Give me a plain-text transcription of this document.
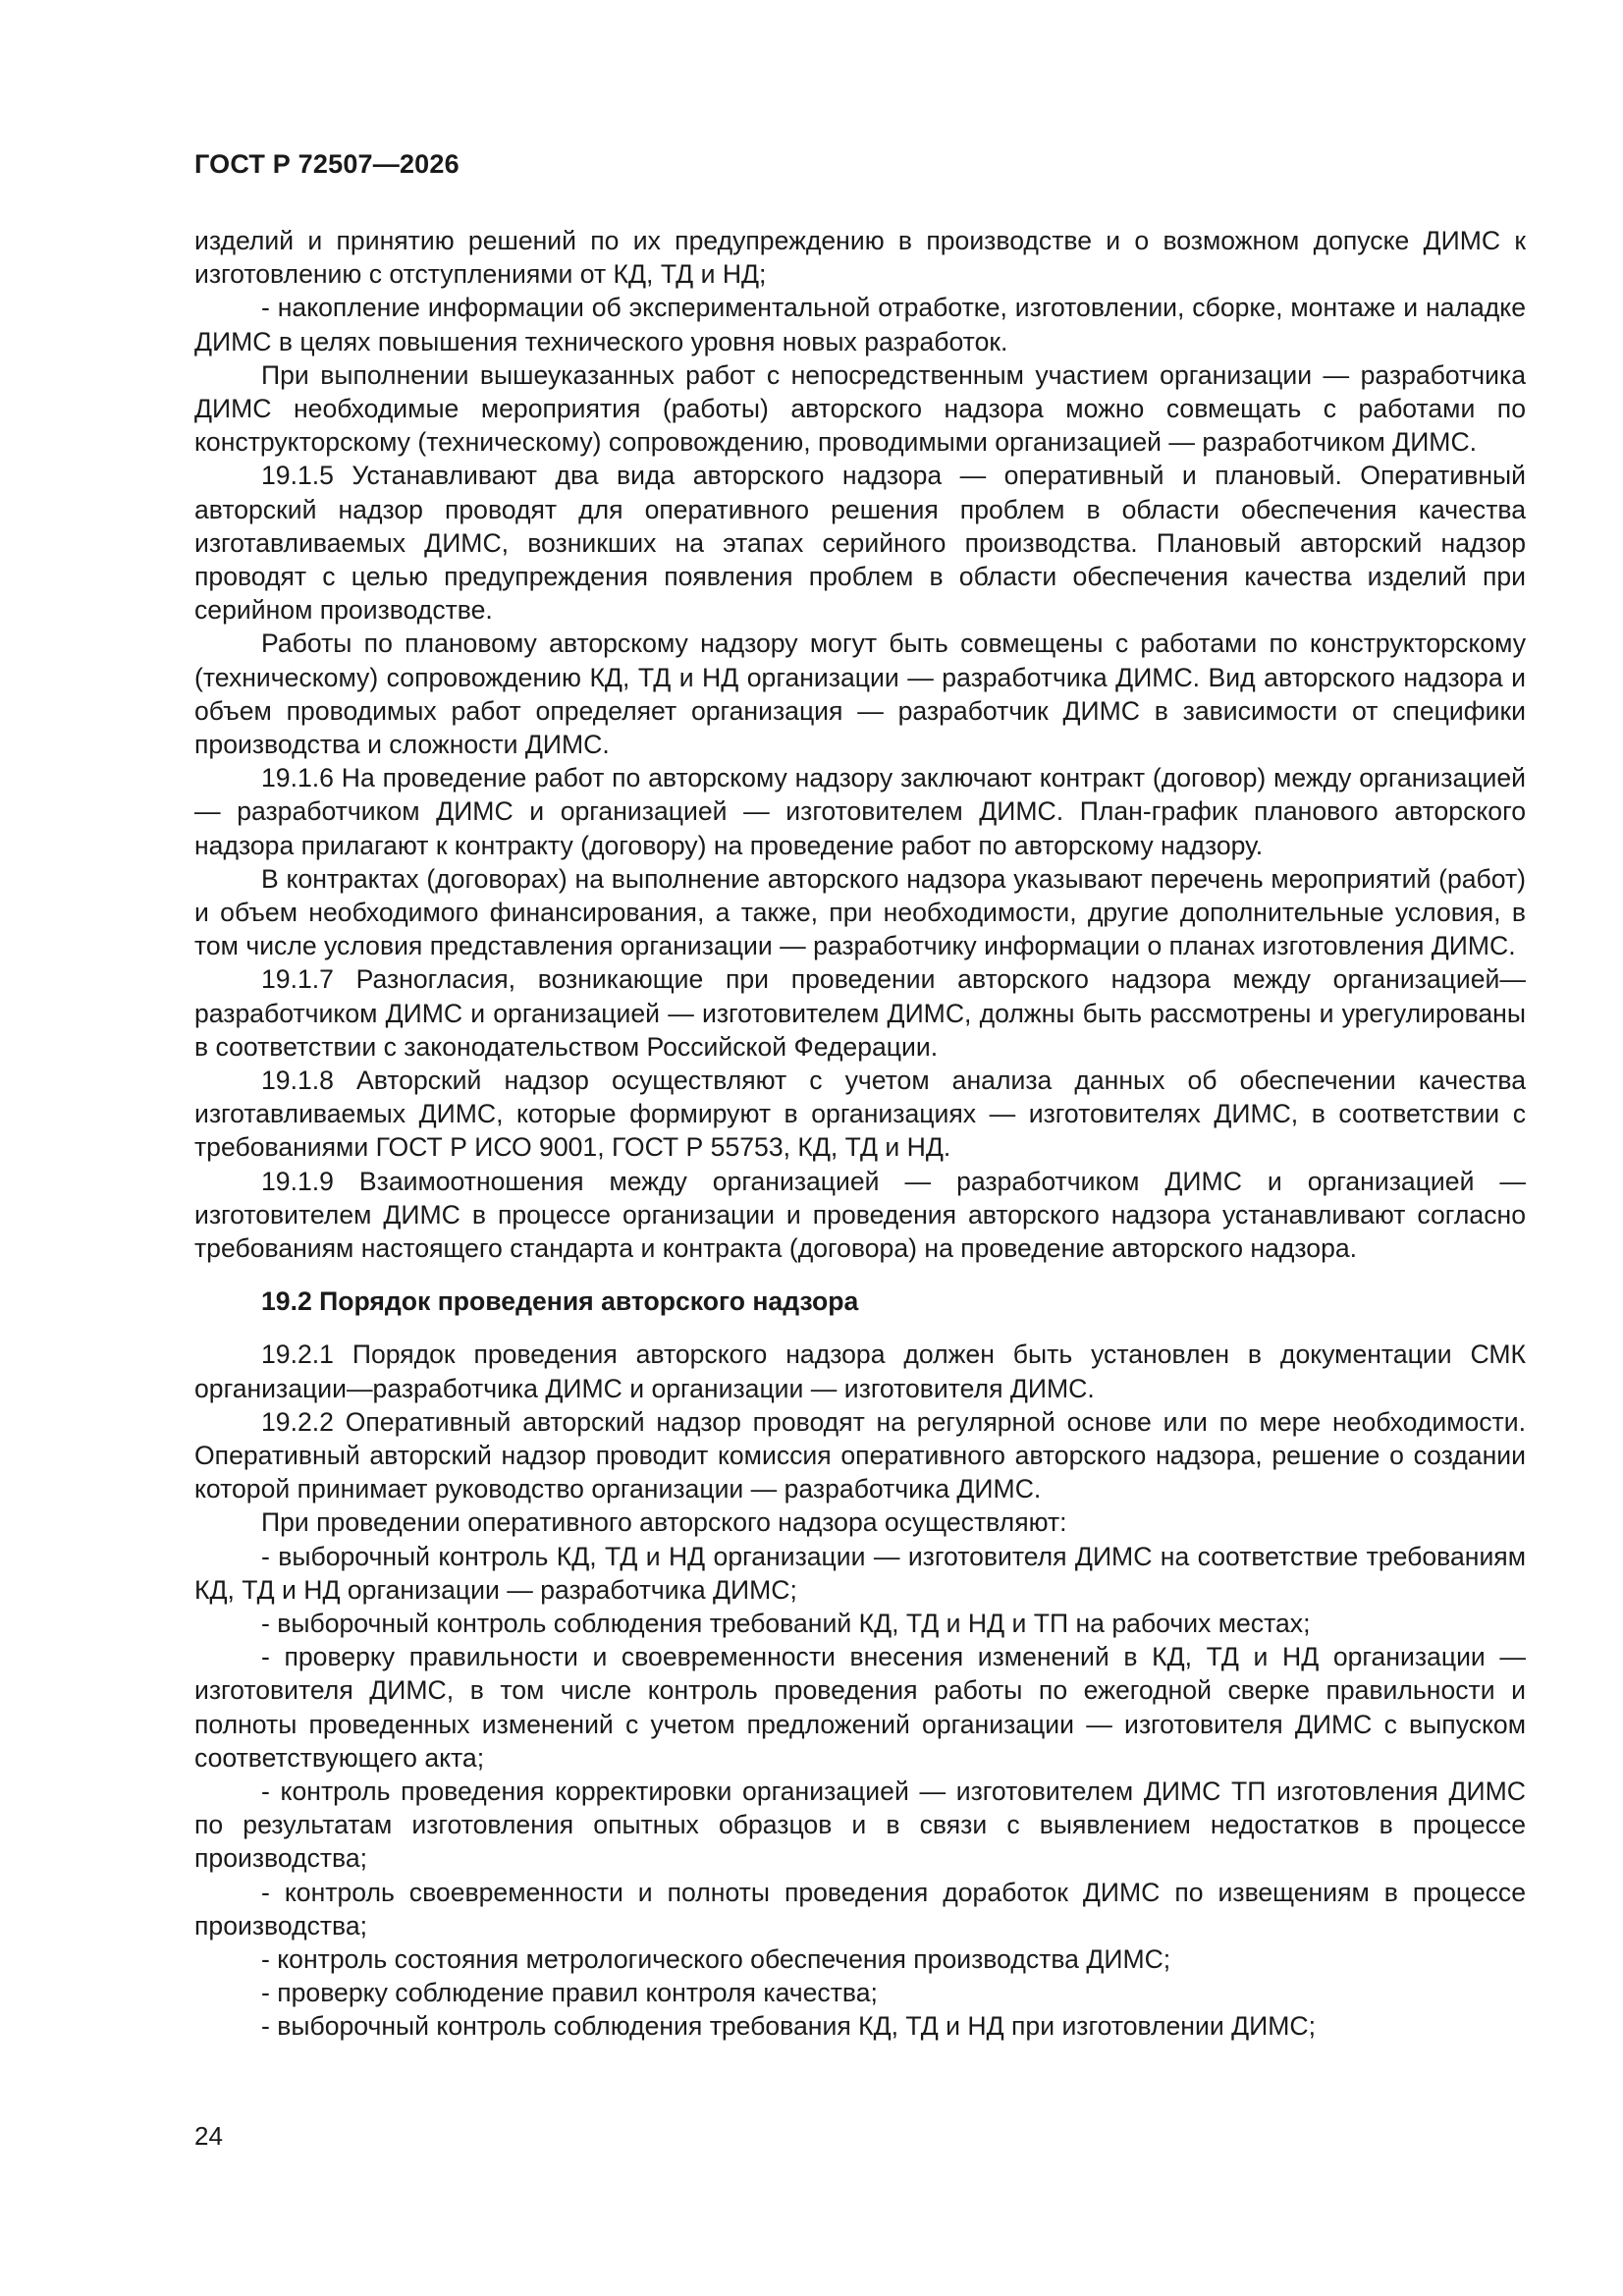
ГОСТ Р 72507—2026

изделий и принятию решений по их предупреждению в производстве и о возможном допуске ДИМС к изготовлению с отступлениями от КД, ТД и НД;

- накопление информации об экспериментальной отработке, изготовлении, сборке, монтаже и наладке ДИМС в целях повышения технического уровня новых разработок.

При выполнении вышеуказанных работ с непосредственным участием организации — разработчика ДИМС необходимые мероприятия (работы) авторского надзора можно совмещать с работами по конструкторскому (техническому) сопровождению, проводимыми организацией — разработчиком ДИМС.

19.1.5 Устанавливают два вида авторского надзора — оперативный и плановый. Оперативный авторский надзор проводят для оперативного решения проблем в области обеспечения качества изготавливаемых ДИМС, возникших на этапах серийного производства. Плановый авторский надзор проводят с целью предупреждения появления проблем в области обеспечения качества изделий при серийном производстве.

Работы по плановому авторскому надзору могут быть совмещены с работами по конструкторскому (техническому) сопровождению КД, ТД и НД организации — разработчика ДИМС. Вид авторского надзора и объем проводимых работ определяет организация — разработчик ДИМС в зависимости от специфики производства и сложности ДИМС.

19.1.6 На проведение работ по авторскому надзору заключают контракт (договор) между организацией — разработчиком ДИМС и организацией — изготовителем ДИМС. План-график планового авторского надзора прилагают к контракту (договору) на проведение работ по авторскому надзору.

В контрактах (договорах) на выполнение авторского надзора указывают перечень мероприятий (работ) и объем необходимого финансирования, а также, при необходимости, другие дополнительные условия, в том числе условия представления организации — разработчику информации о планах изготовления ДИМС.

19.1.7 Разногласия, возникающие при проведении авторского надзора между организацией—разработчиком ДИМС и организацией — изготовителем ДИМС, должны быть рассмотрены и урегулированы в соответствии с законодательством Российской Федерации.

19.1.8 Авторский надзор осуществляют с учетом анализа данных об обеспечении качества изготавливаемых ДИМС, которые формируют в организациях — изготовителях ДИМС, в соответствии с требованиями ГОСТ Р ИСО 9001, ГОСТ Р 55753, КД, ТД и НД.

19.1.9 Взаимоотношения между организацией — разработчиком ДИМС и организацией — изготовителем ДИМС в процессе организации и проведения авторского надзора устанавливают согласно требованиям настоящего стандарта и контракта (договора) на проведение авторского надзора.

19.2 Порядок проведения авторского надзора

19.2.1 Порядок проведения авторского надзора должен быть установлен в документации СМК организации—разработчика ДИМС и организации — изготовителя ДИМС.

19.2.2 Оперативный авторский надзор проводят на регулярной основе или по мере необходимости. Оперативный авторский надзор проводит комиссия оперативного авторского надзора, решение о создании которой принимает руководство организации — разработчика ДИМС.

При проведении оперативного авторского надзора осуществляют:

- выборочный контроль КД, ТД и НД организации — изготовителя ДИМС на соответствие требованиям КД, ТД и НД организации — разработчика ДИМС;

- выборочный контроль соблюдения требований КД, ТД и НД и ТП на рабочих местах;

- проверку правильности и своевременности внесения изменений в КД, ТД и НД организации — изготовителя ДИМС, в том числе контроль проведения работы по ежегодной сверке правильности и полноты проведенных изменений с учетом предложений организации — изготовителя ДИМС с выпуском соответствующего акта;

- контроль проведения корректировки организацией — изготовителем ДИМС ТП изготовления ДИМС по результатам изготовления опытных образцов и в связи с выявлением недостатков в процессе производства;

- контроль своевременности и полноты проведения доработок ДИМС по извещениям в процессе производства;

- контроль состояния метрологического обеспечения производства ДИМС;

- проверку соблюдение правил контроля качества;

- выборочный контроль соблюдения требования КД, ТД и НД при изготовлении ДИМС;

24
